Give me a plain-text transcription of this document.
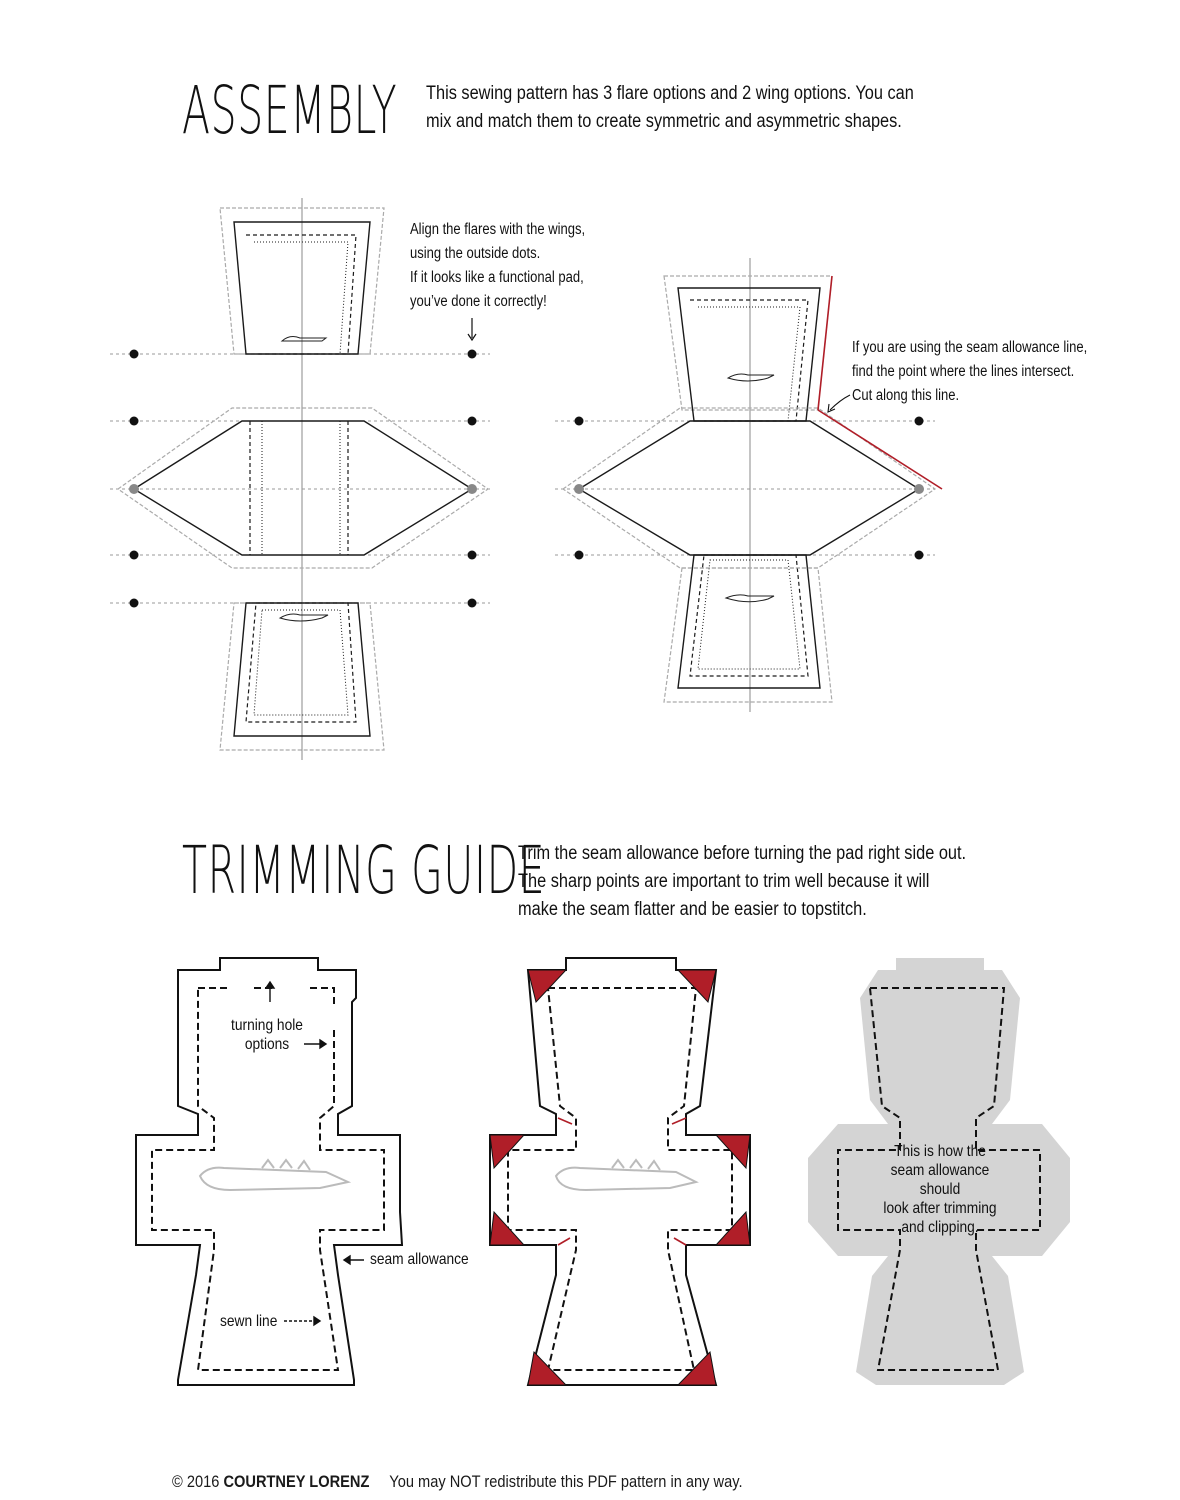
ASSEMBLY This sewing pattern has 3 flare options and 2 wing options. You can
mix and match them to create symmetric and asymmetric shapes.
Align the flares with the wings,
using the outside dots.
If it looks like a functional pad,
you’ve done it correctly!
If you are using the seam allowance line,
find the point where the lines intersect.
Cut along this line.
TRIMMING GUIDE
Trim the seam allowance before turning the pad right side out.
The sharp points are important to trim well because it will
make the seam flatter and be easier to topstitch.
turning hole
options
seam allowance
sewn line
This is how the
seam allowance should
look after trimming
and clipping.
© 2016 COURTNEY LORENZ You may NOT redistribute this PDF pattern in any way.
